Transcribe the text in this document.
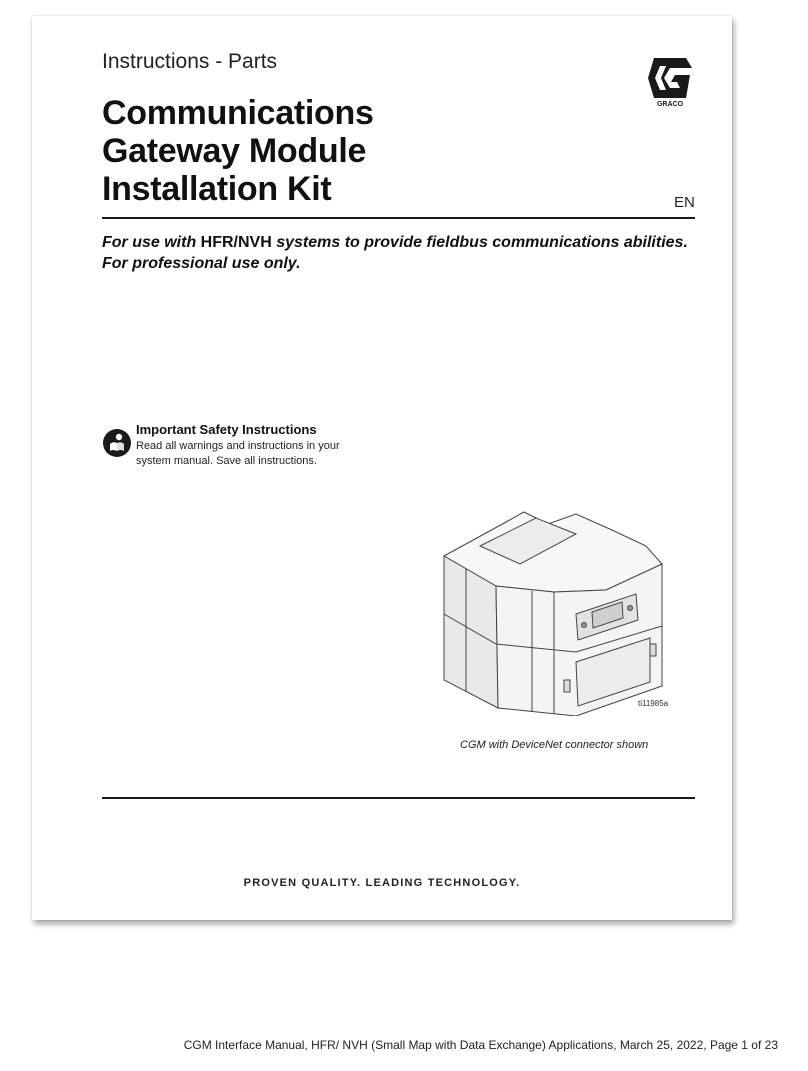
Instructions - Parts
Communications
Gateway Module
Installation Kit
GRACO
EN
For use with HFR/NVH systems to provide fieldbus communications abilities.
For professional use only.
Important Safety Instructions
Read all warnings and instructions in your system manual. Save all instructions.
ti11985a
CGM with DeviceNet connector shown
PROVEN QUALITY. LEADING TECHNOLOGY.
CGM Interface Manual, HFR/ NVH (Small Map with Data Exchange) Applications, March 25, 2022, Page 1 of 23
